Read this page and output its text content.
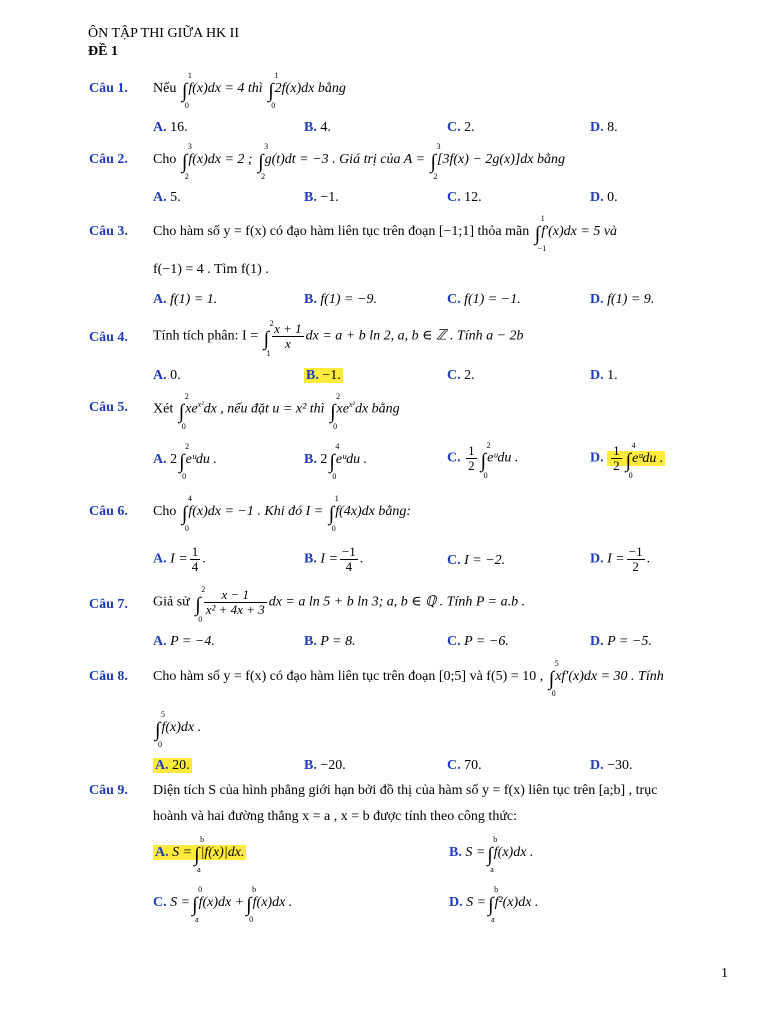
ÔN TẬP THI GIỮA HK II
ĐỀ 1
Câu 1. Nếu ∫
1
0
f(x)dx = 4 thì ∫
1
0
2f(x)dx bằng
A. 16.	B. 4.	C. 2.	D. 8.
Câu 2. Cho ∫
3
2
f(x)dx = 2 ; ∫
3
2
g(t)dt = −3 . Giá trị của A = ∫
3
2
[3f(x) − 2g(x)]dx bằng
A. 5.	B. −1.	C. 12.	D. 0.
Câu 3. Cho hàm số y = f(x) có đạo hàm liên tục trên đoạn [−1;1] thỏa mãn ∫
1
−1
f′(x)dx = 5 và
f(−1) = 4 . Tìm f(1) .
A. f(1) = 1.	B. f(1) = −9.	C. f(1) = −1.	D. f(1) = 9.
Câu 4. Tính tích phân: I = ∫
2
1
$\frac{x + 1}{x}$ dx = a + b ln 2, a, b ∈ ℤ . Tính a − 2b
A. 0.	B. −1.	C. 2.	D. 1.
Câu 5. Xét ∫
2
0
$xe^{x^2}dx$ , nếu đặt u = x² thì ∫
2
0
$xe^{x^2}dx$ bằng
A. 2 ∫
2
0
eᵘdu .	B. 2 ∫
4
0
eᵘdu .	C. $\frac{1}{2}$ ∫
2
0
eᵘdu .	D. $\frac{1}{2}$ ∫
4
0
eᵘdu .
Câu 6. Cho ∫
4
0
f(x)dx = −1 . Khi đó I = ∫
1
0
f(4x)dx bằng:
A. $I = \frac{1}{4}$ .	B. $I = \frac{-1}{4}$ .	C. I = −2.	D. $I = \frac{-1}{2}$ .
Câu 7. Giả sử ∫
2
0
$\frac{x - 1}{\text{x² + 4x + 3}}$ dx = a ln 5 + b ln 3; a, b ∈ ℚ . Tính P = a.b .
A. P = −4.	B. P = 8.	C. P = −6.	D. P = −5.
Câu 8. Cho hàm số y = f(x) có đạo hàm liên tục trên đoạn [0;5] và f(5) = 10 , ∫
5
0
xf′(x)dx = 30 . Tính
∫
5
0
f(x)dx .
A. 20.	B. −20.	C. 70.	D. −30.
Câu 9. Diện tích S của hình phẳng giới hạn bởi đồ thị của hàm số y = f(x) liên tục trên [a;b] , trục
hoành và hai đường thẳng x = a , x = b được tính theo công thức:
A. S = ∫
b
a
|f(x)|dx.	B. S = ∫
b
a
f(x)dx .
C. S = ∫
0
a
f(x)dx + ∫
b
0
f(x)dx .	D. S = ∫
b
a
f²(x)dx .
1
